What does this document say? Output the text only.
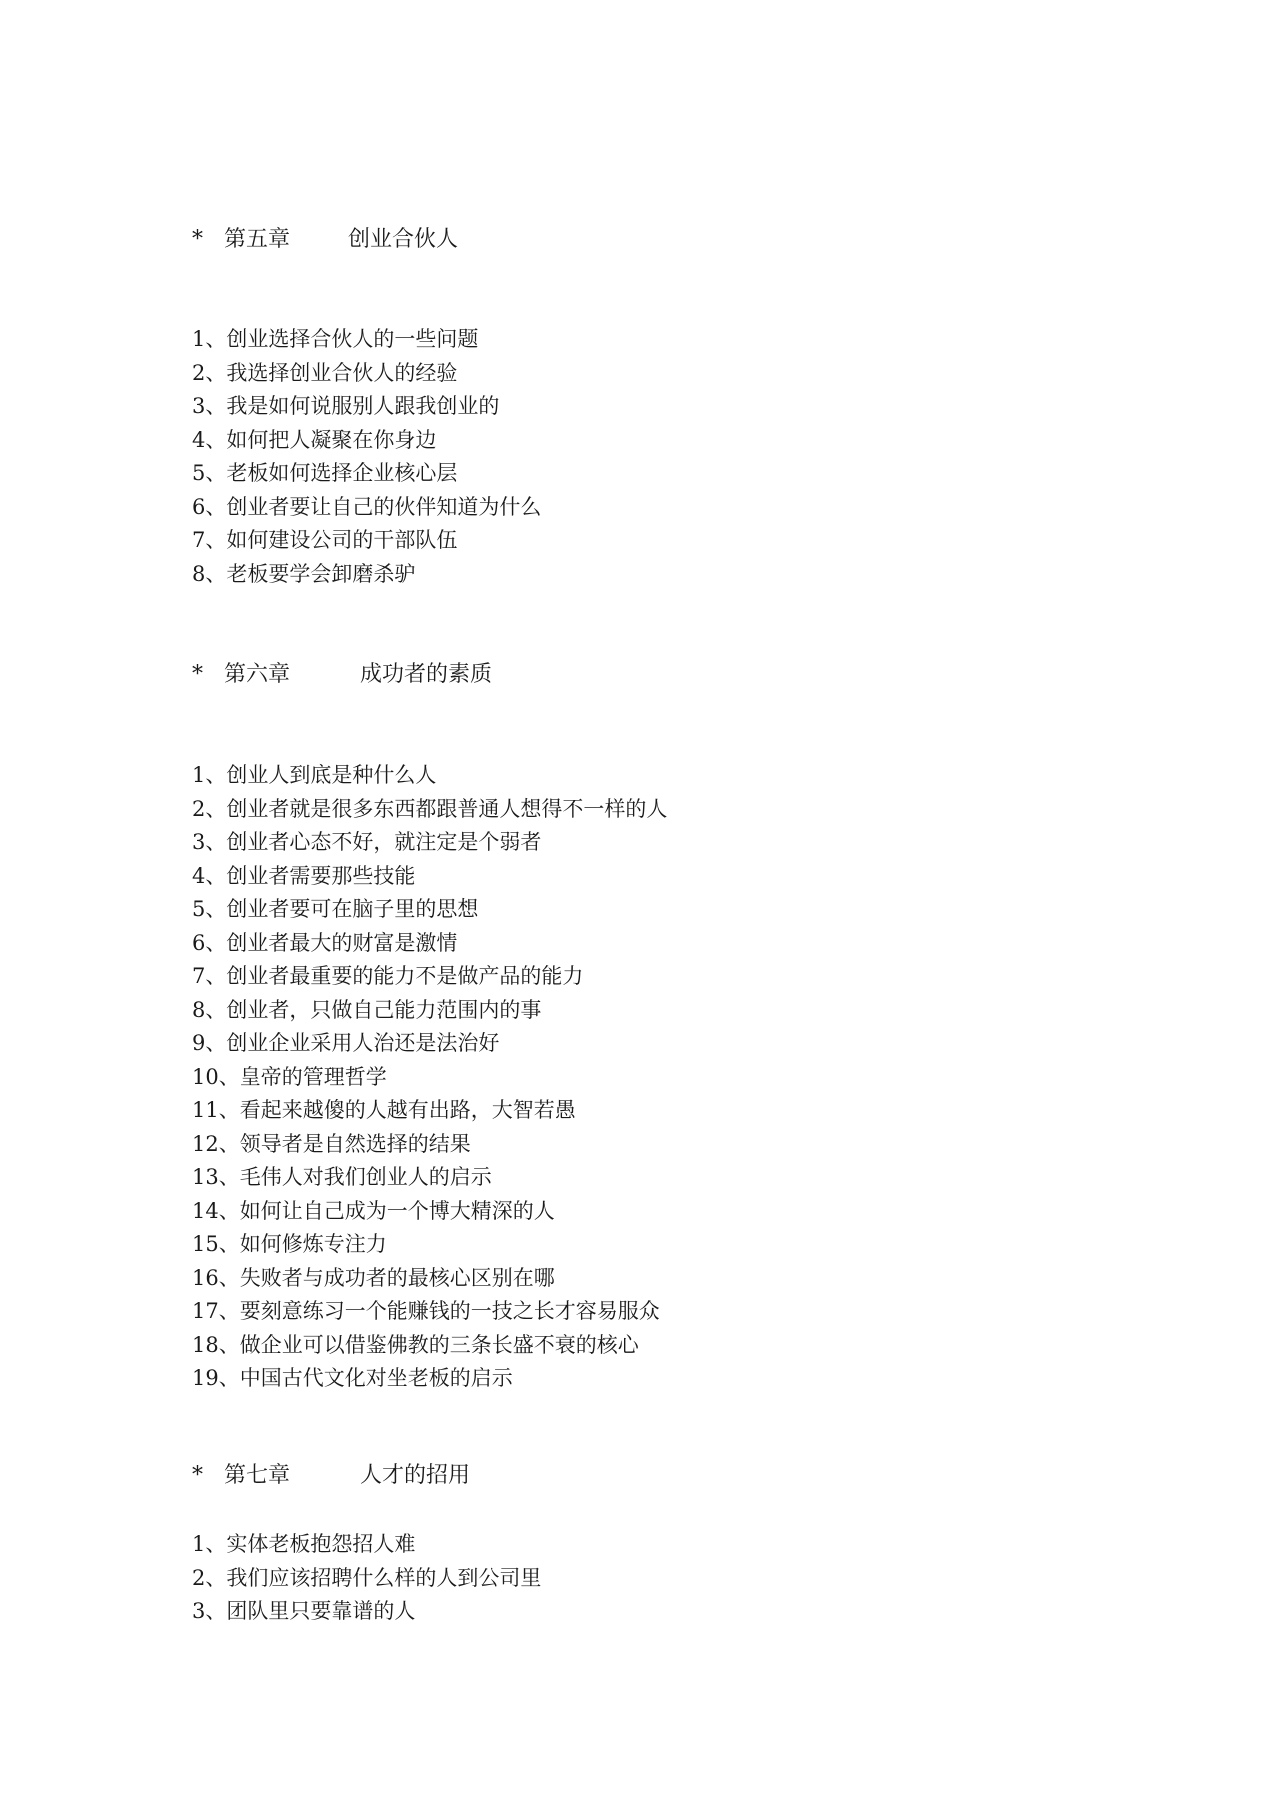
* 第五章	创业合伙人
1、创业选择合伙人的一些问题
2、我选择创业合伙人的经验
3、我是如何说服别人跟我创业的
4、如何把人凝聚在你身边
5、老板如何选择企业核心层
6、创业者要让自己的伙伴知道为什么
7、如何建设公司的干部队伍
8、老板要学会卸磨杀驴
* 第六章	成功者的素质
1、创业人到底是种什么人
2、创业者就是很多东西都跟普通人想得不一样的人
3、创业者心态不好，就注定是个弱者
4、创业者需要那些技能
5、创业者要可在脑子里的思想
6、创业者最大的财富是激情
7、创业者最重要的能力不是做产品的能力
8、创业者，只做自己能力范围内的事
9、创业企业采用人治还是法治好
10、皇帝的管理哲学
11、看起来越傻的人越有出路，大智若愚
12、领导者是自然选择的结果
13、毛伟人对我们创业人的启示
14、如何让自己成为一个博大精深的人
15、如何修炼专注力
16、失败者与成功者的最核心区别在哪
17、要刻意练习一个能赚钱的一技之长才容易服众
18、做企业可以借鉴佛教的三条长盛不衰的核心
19、中国古代文化对坐老板的启示
* 第七章	人才的招用
1、实体老板抱怨招人难
2、我们应该招聘什么样的人到公司里
3、团队里只要靠谱的人
